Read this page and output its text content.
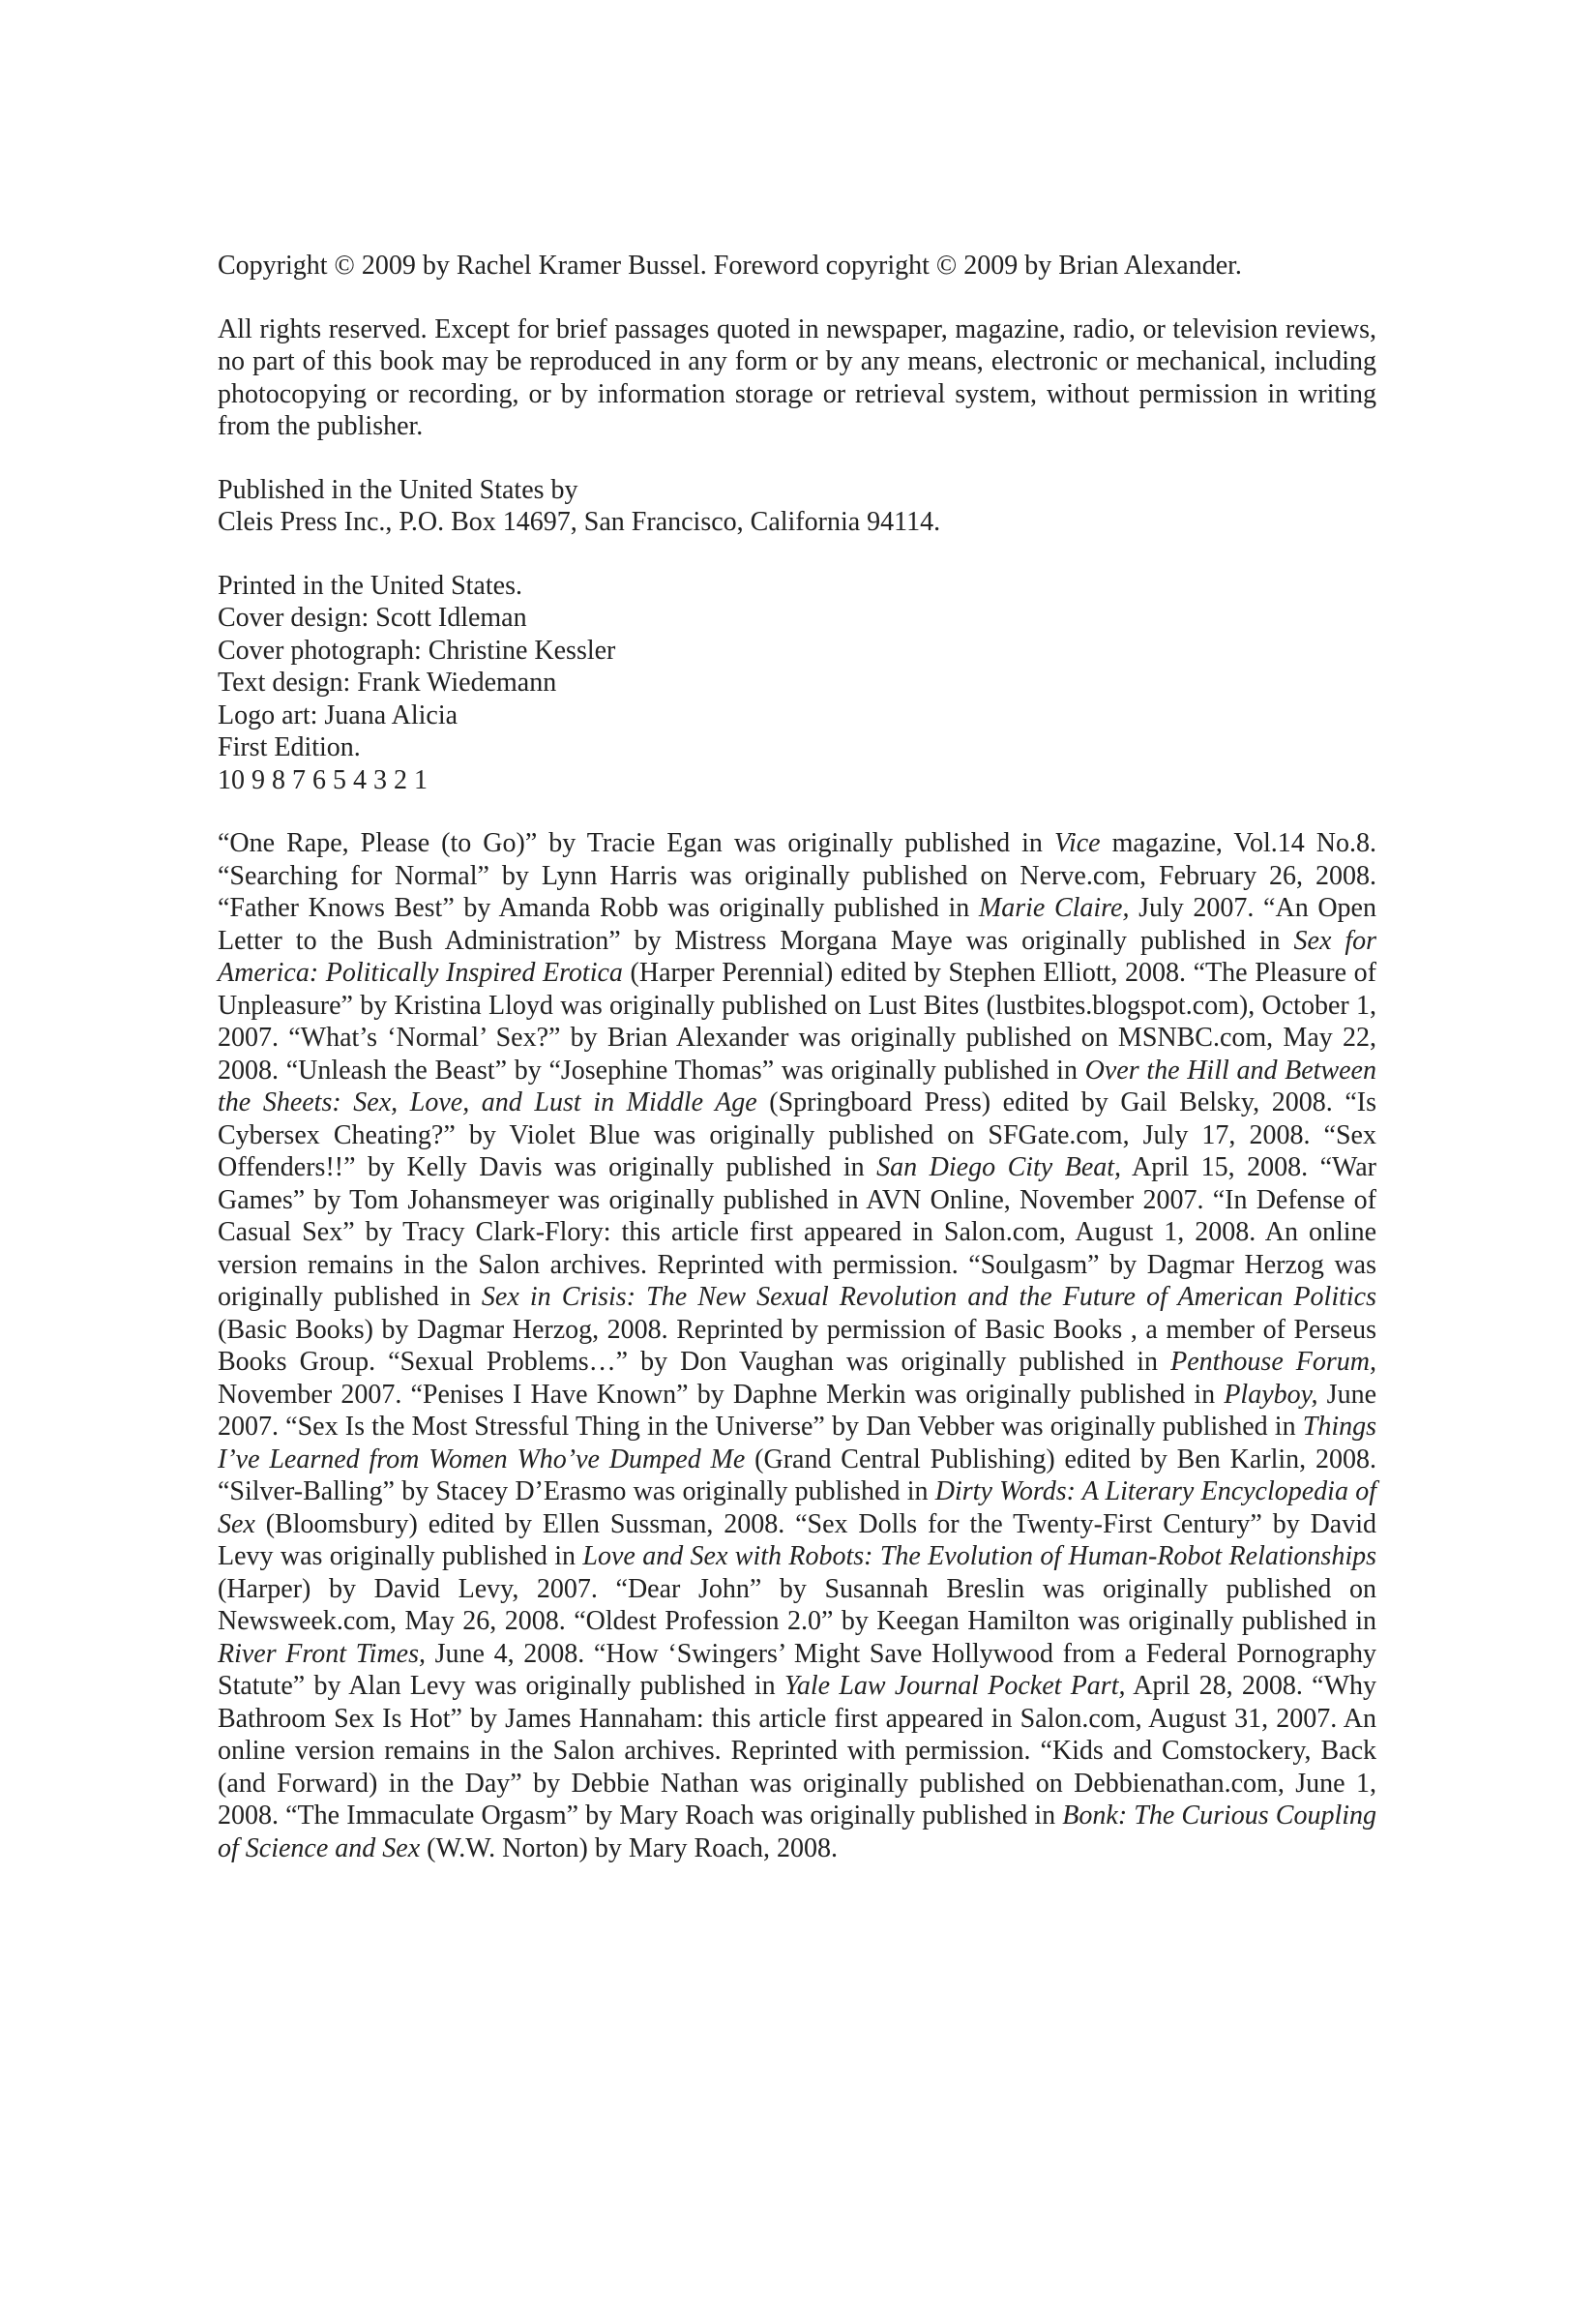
Copyright © 2009 by Rachel Kramer Bussel. Foreword copyright © 2009 by Brian Alexander.

All rights reserved. Except for brief passages quoted in newspaper, magazine, radio, or television reviews, no part of this book may be reproduced in any form or by any means, electronic or mechanical, including photocopying or recording, or by information storage or retrieval system, without permission in writing from the publisher.

Published in the United States by
Cleis Press Inc., P.O. Box 14697, San Francisco, California 94114.

Printed in the United States.
Cover design: Scott Idleman
Cover photograph: Christine Kessler
Text design: Frank Wiedemann
Logo art: Juana Alicia
First Edition.
10 9 8 7 6 5 4 3 2 1

“One Rape, Please (to Go)” by Tracie Egan was originally published in Vice magazine, Vol.14 No.8. “Searching for Normal” by Lynn Harris was originally published on Nerve.com, February 26, 2008. “Father Knows Best” by Amanda Robb was originally published in Marie Claire, July 2007. “An Open Letter to the Bush Administration” by Mistress Morgana Maye was originally published in Sex for America: Politically Inspired Erotica (Harper Perennial) edited by Stephen Elliott, 2008. “The Pleasure of Unpleasure” by Kristina Lloyd was originally published on Lust Bites (lustbites.blogspot.com), October 1, 2007. “What’s ‘Normal’ Sex?” by Brian Alexander was originally published on MSNBC.com, May 22, 2008. “Unleash the Beast” by “Josephine Thomas” was originally published in Over the Hill and Between the Sheets: Sex, Love, and Lust in Middle Age (Springboard Press) edited by Gail Belsky, 2008. “Is Cybersex Cheating?” by Violet Blue was originally published on SFGate.com, July 17, 2008. “Sex Offenders!!” by Kelly Davis was originally published in San Diego City Beat, April 15, 2008. “War Games” by Tom Johansmeyer was originally published in AVN Online, November 2007. “In Defense of Casual Sex” by Tracy Clark-Flory: this article first appeared in Salon.com, August 1, 2008. An online version remains in the Salon archives. Reprinted with permission. “Soulgasm” by Dagmar Herzog was originally published in Sex in Crisis: The New Sexual Revolution and the Future of American Politics (Basic Books) by Dagmar Herzog, 2008. Reprinted by permission of Basic Books , a member of Perseus Books Group. “Sexual Problems…” by Don Vaughan was originally published in Penthouse Forum, November 2007. “Penises I Have Known” by Daphne Merkin was originally published in Playboy, June 2007. “Sex Is the Most Stressful Thing in the Universe” by Dan Vebber was originally published in Things I’ve Learned from Women Who’ve Dumped Me (Grand Central Publishing) edited by Ben Karlin, 2008. “Silver-Balling” by Stacey D’Erasmo was originally published in Dirty Words: A Literary Encyclopedia of Sex (Bloomsbury) edited by Ellen Sussman, 2008. “Sex Dolls for the Twenty-First Century” by David Levy was originally published in Love and Sex with Robots: The Evolution of Human-Robot Relationships (Harper) by David Levy, 2007. “Dear John” by Susannah Breslin was originally published on Newsweek.com, May 26, 2008. “Oldest Profession 2.0” by Keegan Hamilton was originally published in River Front Times, June 4, 2008. “How ‘Swingers’ Might Save Hollywood from a Federal Pornography Statute” by Alan Levy was originally published in Yale Law Journal Pocket Part, April 28, 2008. “Why Bathroom Sex Is Hot” by James Hannaham: this article first appeared in Salon.com, August 31, 2007. An online version remains in the Salon archives. Reprinted with permission. “Kids and Comstockery, Back (and Forward) in the Day” by Debbie Nathan was originally published on Debbienathan.com, June 1, 2008. “The Immaculate Orgasm” by Mary Roach was originally published in Bonk: The Curious Coupling of Science and Sex (W.W. Norton) by Mary Roach, 2008.
